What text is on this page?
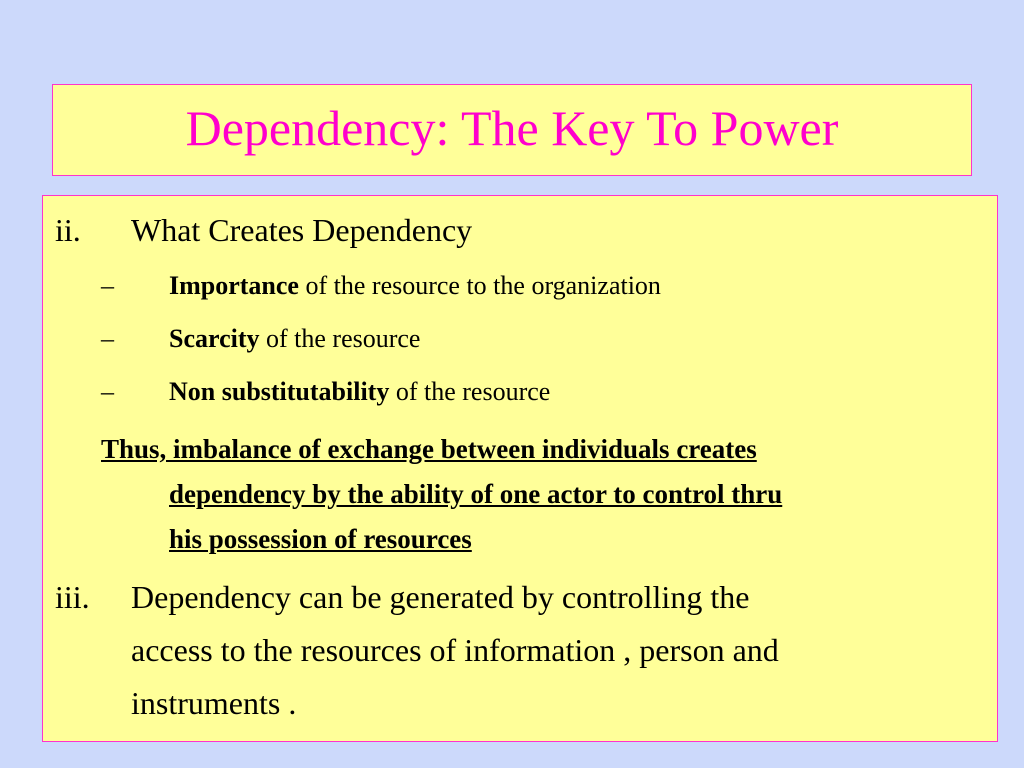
Dependency: The Key To Power
ii. What Creates Dependency
– Importance of the resource to the organization
– Scarcity of the resource
– Non substitutability of the resource
Thus, imbalance of exchange between individuals creates
dependency by the ability of one actor to control thru
his possession of resources
iii. Dependency can be generated by controlling the
access to the resources of information , person and
instruments .
